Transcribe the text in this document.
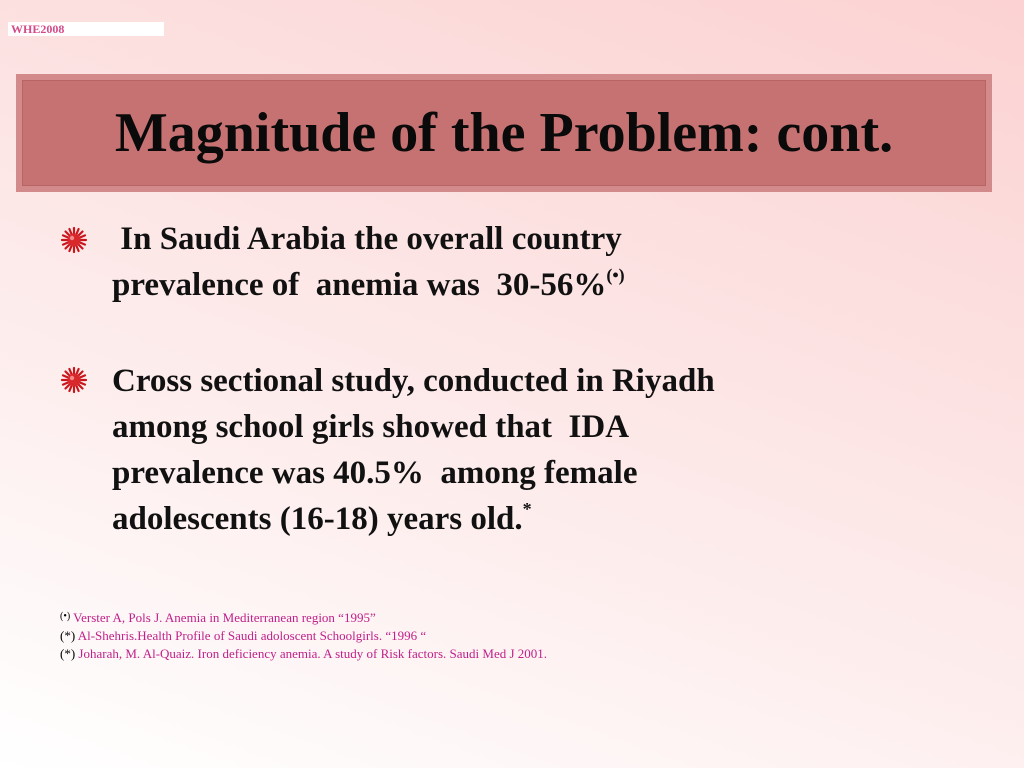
WHE2008
Magnitude of the Problem: cont.
In Saudi Arabia the overall country
prevalence of  anemia was  30-56%(•)
Cross sectional study, conducted in Riyadh
among school girls showed that  IDA
prevalence was 40.5%  among female
adolescents (16-18) years old.*
(•) Verster A, Pols J. Anemia in Mediterranean region “1995”
(*) Al-Shehris.Health Profile of Saudi adoloscent Schoolgirls. “1996 “
(*) Joharah, M. Al-Quaiz. Iron deficiency anemia. A study of Risk factors. Saudi Med J 2001.
